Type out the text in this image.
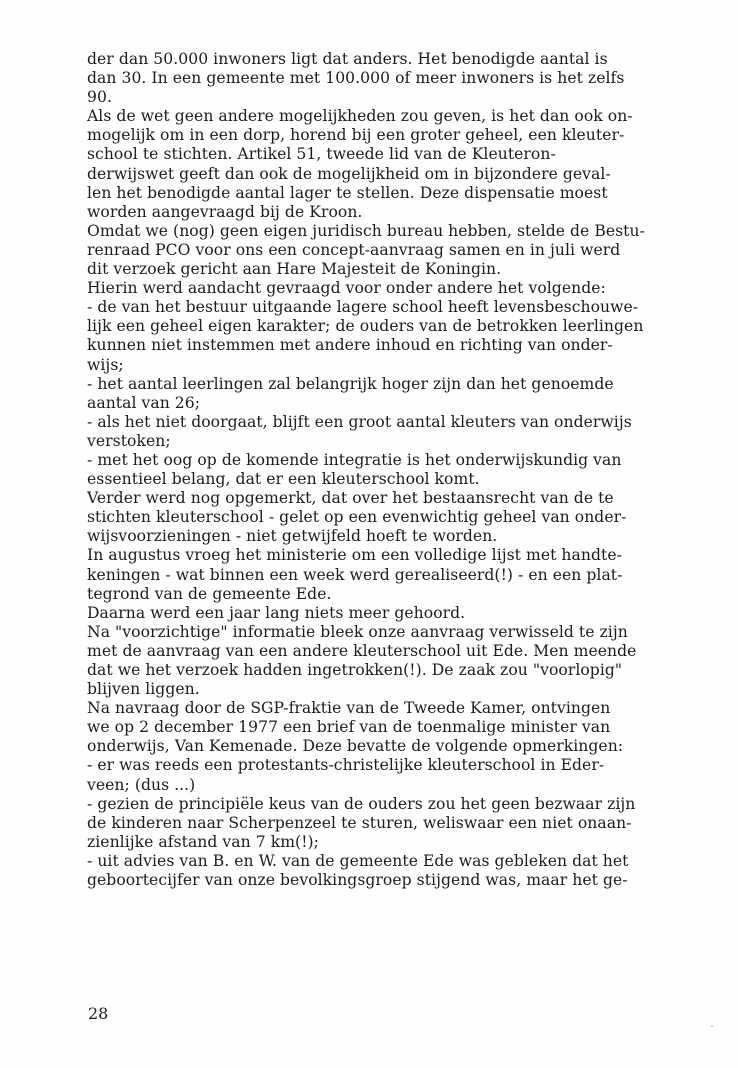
der dan 50.000 inwoners ligt dat anders. Het benodigde aantal is
dan 30. In een gemeente met 100.000 of meer inwoners is het zelfs
90.
Als de wet geen andere mogelijkheden zou geven, is het dan ook on-
mogelijk om in een dorp, horend bij een groter geheel, een kleuter-
school te stichten. Artikel 51, tweede lid van de Kleuteron-
derwijswet geeft dan ook de mogelijkheid om in bijzondere geval-
len het benodigde aantal lager te stellen. Deze dispensatie moest
worden aangevraagd bij de Kroon.
Omdat we (nog) geen eigen juridisch bureau hebben, stelde de Bestu-
renraad PCO voor ons een concept-aanvraag samen en in juli werd
dit verzoek gericht aan Hare Majesteit de Koningin.
Hierin werd aandacht gevraagd voor onder andere het volgende:
- de van het bestuur uitgaande lagere school heeft levensbeschouwe-
lijk een geheel eigen karakter; de ouders van de betrokken leerlingen
kunnen niet instemmen met andere inhoud en richting van onder-
wijs;
- het aantal leerlingen zal belangrijk hoger zijn dan het genoemde
aantal van 26;
- als het niet doorgaat, blijft een groot aantal kleuters van onderwijs
verstoken;
- met het oog op de komende integratie is het onderwijskundig van
essentieel belang, dat er een kleuterschool komt.
Verder werd nog opgemerkt, dat over het bestaansrecht van de te
stichten kleuterschool - gelet op een evenwichtig geheel van onder-
wijsvoorzieningen - niet getwijfeld hoeft te worden.
In augustus vroeg het ministerie om een volledige lijst met handte-
keningen - wat binnen een week werd gerealiseerd(!) - en een plat-
tegrond van de gemeente Ede.
Daarna werd een jaar lang niets meer gehoord.
Na "voorzichtige" informatie bleek onze aanvraag verwisseld te zijn
met de aanvraag van een andere kleuterschool uit Ede. Men meende
dat we het verzoek hadden ingetrokken(!). De zaak zou "voorlopig"
blijven liggen.
Na navraag door de SGP-fraktie van de Tweede Kamer, ontvingen
we op 2 december 1977 een brief van de toenmalige minister van
onderwijs, Van Kemenade. Deze bevatte de volgende opmerkingen:
- er was reeds een protestants-christelijke kleuterschool in Eder-
veen; (dus ...)
- gezien de principiële keus van de ouders zou het geen bezwaar zijn
de kinderen naar Scherpenzeel te sturen, weliswaar een niet onaan-
zienlijke afstand van 7 km(!);
- uit advies van B. en W. van de gemeente Ede was gebleken dat het
geboortecijfer van onze bevolkingsgroep stijgend was, maar het ge-
28
